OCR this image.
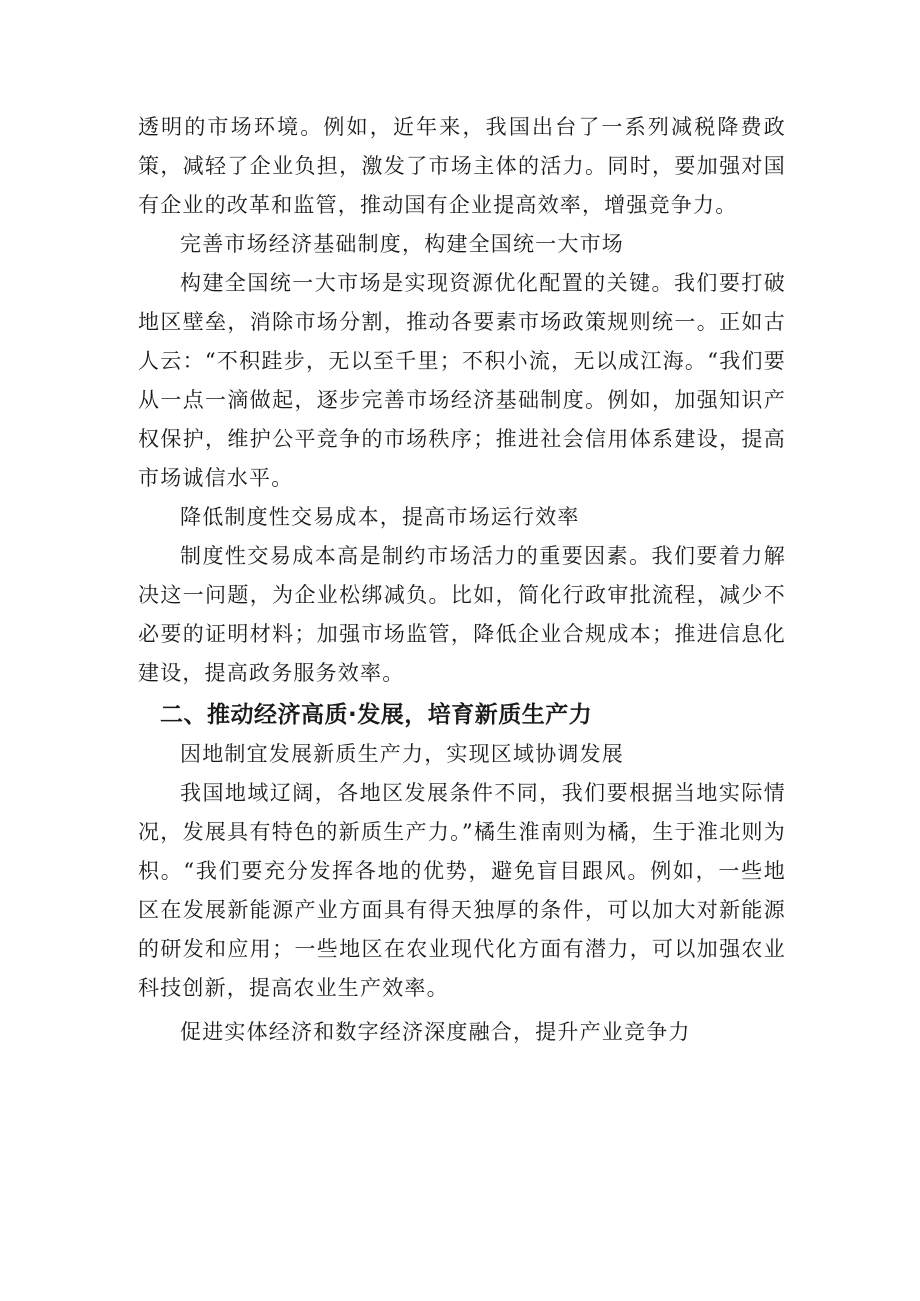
透明的市场环境。例如，近年来，我国出台了一系列减税降费政策，减轻了企业负担，激发了市场主体的活力。同时，要加强对国有企业的改革和监管，推动国有企业提高效率，增强竞争力。

完善市场经济基础制度，构建全国统一大市场

构建全国统一大市场是实现资源优化配置的关键。我们要打破地区壁垒，消除市场分割，推动各要素市场政策规则统一。正如古人云：“不积跬步，无以至千里；不积小流，无以成江海。“我们要从一点一滴做起，逐步完善市场经济基础制度。例如，加强知识产权保护，维护公平竞争的市场秩序；推进社会信用体系建设，提高市场诚信水平。

降低制度性交易成本，提高市场运行效率

制度性交易成本高是制约市场活力的重要因素。我们要着力解决这一问题，为企业松绑减负。比如，简化行政审批流程，减少不必要的证明材料；加强市场监管，降低企业合规成本；推进信息化建设，提高政务服务效率。

二、推动经济高质·发展，培育新质生产力

因地制宜发展新质生产力，实现区域协调发展

我国地域辽阔，各地区发展条件不同，我们要根据当地实际情况，发展具有特色的新质生产力。”橘生淮南则为橘，生于淮北则为枳。“我们要充分发挥各地的优势，避免盲目跟风。例如，一些地区在发展新能源产业方面具有得天独厚的条件，可以加大对新能源的研发和应用；一些地区在农业现代化方面有潜力，可以加强农业科技创新，提高农业生产效率。

促进实体经济和数字经济深度融合，提升产业竞争力
